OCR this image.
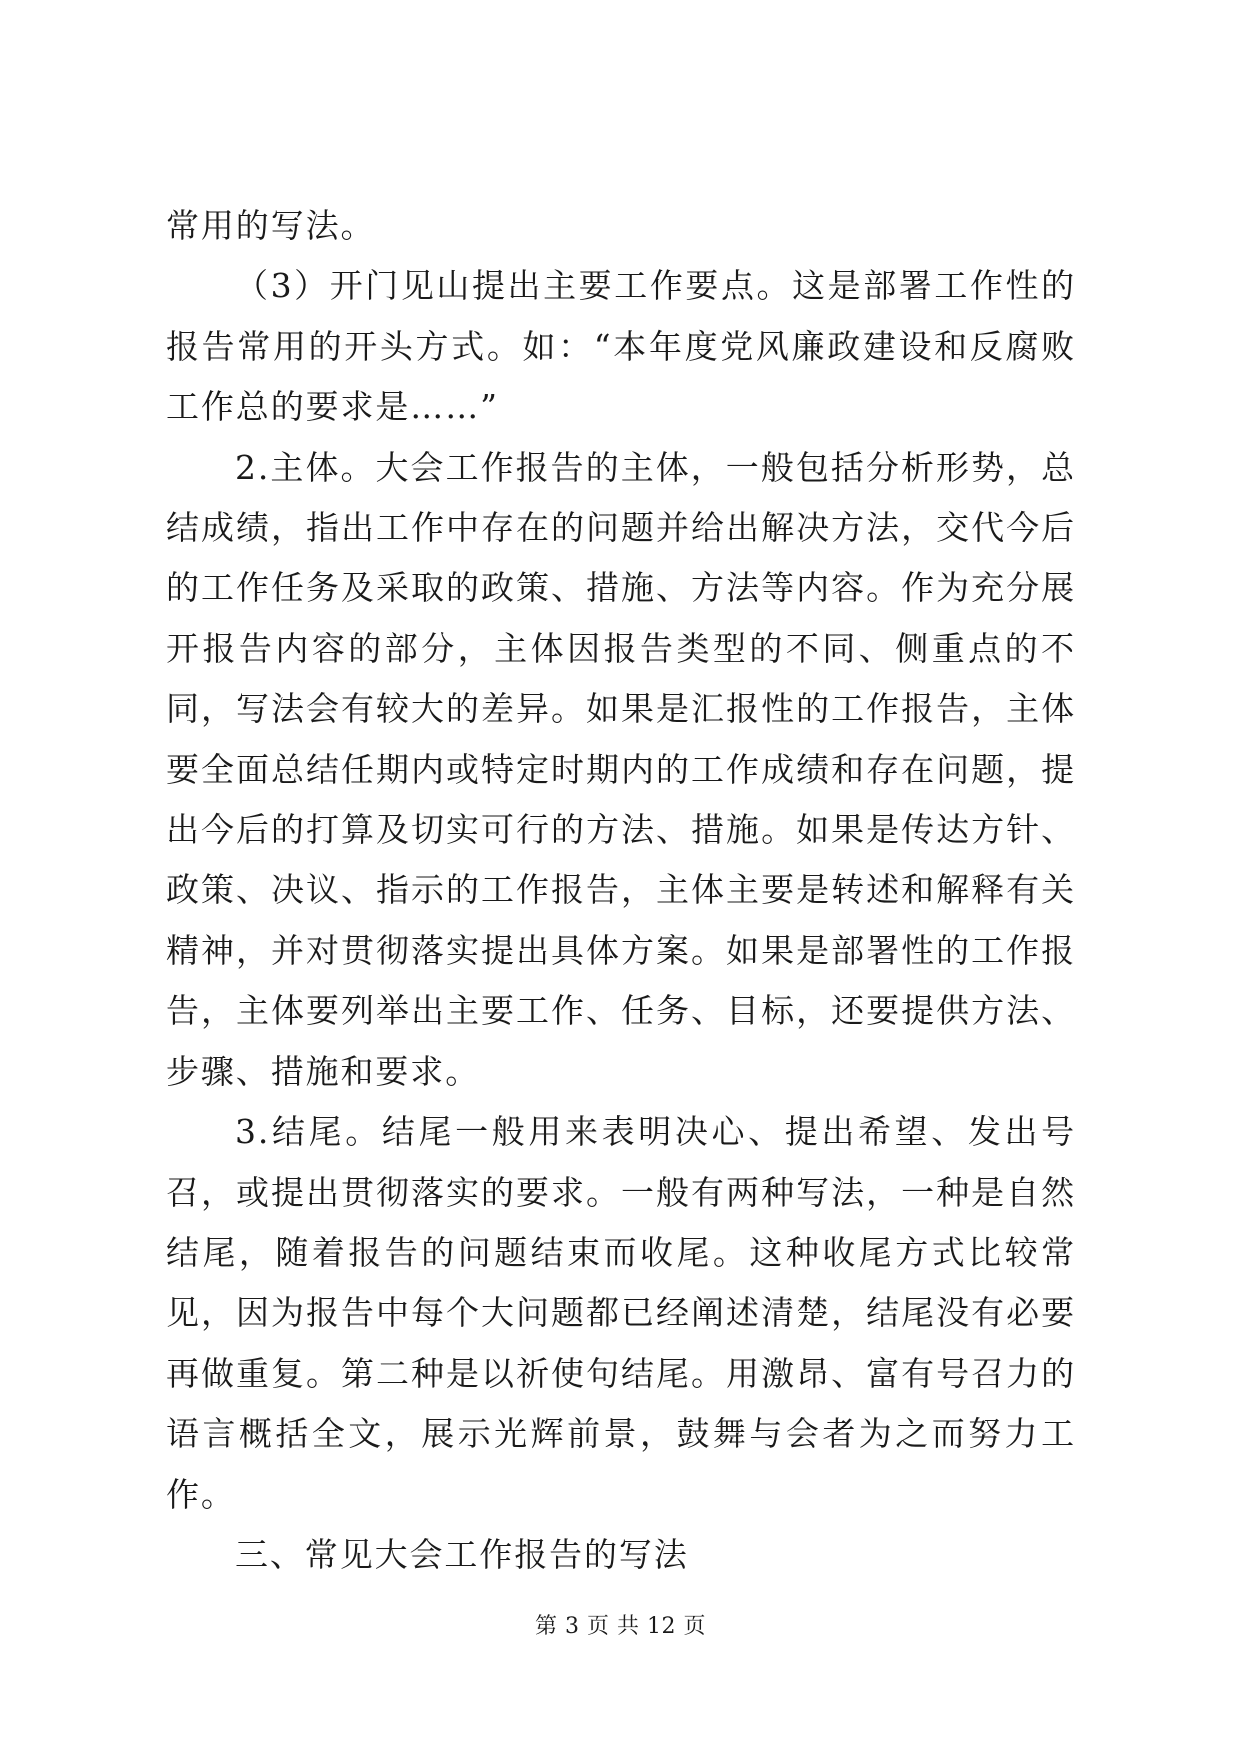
常用的写法。

（3）开门见山提出主要工作要点。这是部署工作性的报告常用的开头方式。如：“本年度党风廉政建设和反腐败工作总的要求是……”

2.主体。大会工作报告的主体，一般包括分析形势，总结成绩，指出工作中存在的问题并给出解决方法，交代今后的工作任务及采取的政策、措施、方法等内容。作为充分展开报告内容的部分，主体因报告类型的不同、侧重点的不同，写法会有较大的差异。如果是汇报性的工作报告，主体要全面总结任期内或特定时期内的工作成绩和存在问题，提出今后的打算及切实可行的方法、措施。如果是传达方针、政策、决议、指示的工作报告，主体主要是转述和解释有关精神，并对贯彻落实提出具体方案。如果是部署性的工作报告，主体要列举出主要工作、任务、目标，还要提供方法、步骤、措施和要求。

3.结尾。结尾一般用来表明决心、提出希望、发出号召，或提出贯彻落实的要求。一般有两种写法，一种是自然结尾，随着报告的问题结束而收尾。这种收尾方式比较常见，因为报告中每个大问题都已经阐述清楚，结尾没有必要再做重复。第二种是以祈使句结尾。用激昂、富有号召力的语言概括全文，展示光辉前景，鼓舞与会者为之而努力工作。

三、常见大会工作报告的写法

第 3 页 共 12 页
